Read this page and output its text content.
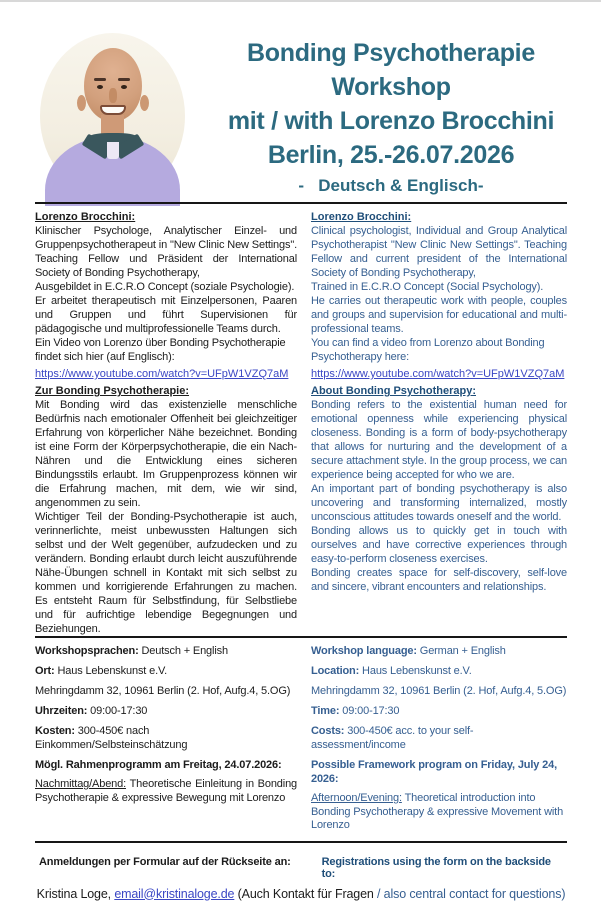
Bonding Psychotherapie
Workshop
mit / with Lorenzo Brocchini
Berlin, 25.-26.07.2026
-   Deutsch & Englisch-

Lorenzo Brocchini:

Klinischer Psychologe, Analytischer Einzel- und Gruppenpsychotherapeut in "New Clinic New Settings". Teaching Fellow und Präsident der International Society of Bonding Psychotherapy,

Ausgebildet in E.C.R.O Concept (soziale Psychologie).

Er arbeitet therapeutisch mit Einzelpersonen, Paaren und Gruppen und führt Supervisionen für pädagogische und multiprofessionelle Teams durch.

Ein Video von Lorenzo über Bonding Psychotherapie findet sich hier (auf Englisch):

https://www.youtube.com/watch?v=UFpW1VZQ7aM

Zur Bonding Psychotherapie:

Mit Bonding wird das existenzielle menschliche Bedürfnis nach emotionaler Offenheit bei gleichzeitiger Erfahrung von körperlicher Nähe bezeichnet. Bonding ist eine Form der Körperpsychotherapie, die ein Nach-Nähren und die Entwicklung eines sicheren Bindungsstils erlaubt. Im Gruppenprozess können wir die Erfahrung machen, mit dem, wie wir sind, angenommen zu sein.

Wichtiger Teil der Bonding-Psychotherapie ist auch, verinnerlichte, meist unbewussten Haltungen sich selbst und der Welt gegenüber, aufzudecken und zu verändern. Bonding erlaubt durch leicht auszuführende Nähe-Übungen schnell in Kontakt mit sich selbst zu kommen und korrigierende Erfahrungen zu machen. Es entsteht Raum für Selbstfindung, für Selbstliebe und für aufrichtige lebendige Begegnungen und Beziehungen.

Lorenzo Brocchini:

Clinical psychologist, Individual and Group Analytical Psychotherapist "New Clinic New Settings". Teaching Fellow and current president of the International Society of Bonding Psychotherapy,

Trained in E.C.R.O Concept (Social Psychology).

He carries out therapeutic work with people, couples and groups and supervision for educational and multi-professional teams.

You can find a video from Lorenzo about Bonding Psychotherapy here:

https://www.youtube.com/watch?v=UFpW1VZQ7aM

About Bonding Psychotherapy:

Bonding refers to the existential human need for emotional openness while experiencing physical closeness. Bonding is a form of body-psychotherapy that allows for nurturing and the development of a secure attachment style. In the group process, we can experience being accepted for who we are.

An important part of bonding psychotherapy is also uncovering and transforming internalized, mostly unconscious attitudes towards oneself and the world.

Bonding allows us to quickly get in touch with ourselves and have corrective experiences through easy-to-perform closeness exercises.

Bonding creates space for self-discovery, self-love and sincere, vibrant encounters and relationships.

Workshopsprachen: Deutsch + English

Ort: Haus Lebenskunst e.V.

Mehringdamm 32, 10961 Berlin (2. Hof, Aufg.4, 5.OG)

Uhrzeiten: 09:00-17:30

Kosten: 300-450€ nach Einkommen/Selbsteinschätzung

Mögl. Rahmenprogramm am Freitag, 24.07.2026:

Nachmittag/Abend: Theoretische Einleitung in Bonding Psychotherapie & expressive Bewegung mit Lorenzo

Workshop language: German + English

Location: Haus Lebenskunst e.V.

Mehringdamm 32, 10961 Berlin (2. Hof, Aufg.4, 5.OG)

Time: 09:00-17:30

Costs: 300-450€ acc. to your self-assessment/income

Possible Framework program on Friday, July 24, 2026:

Afternoon/Evening: Theoretical introduction into Bonding Psychotherapy & expressive Movement with Lorenzo

Anmeldungen per Formular auf der Rückseite an:	Registrations using the form on the backside to:
Kristina Loge, email@kristinaloge.de (Auch Kontakt für Fragen / also central contact for questions)
